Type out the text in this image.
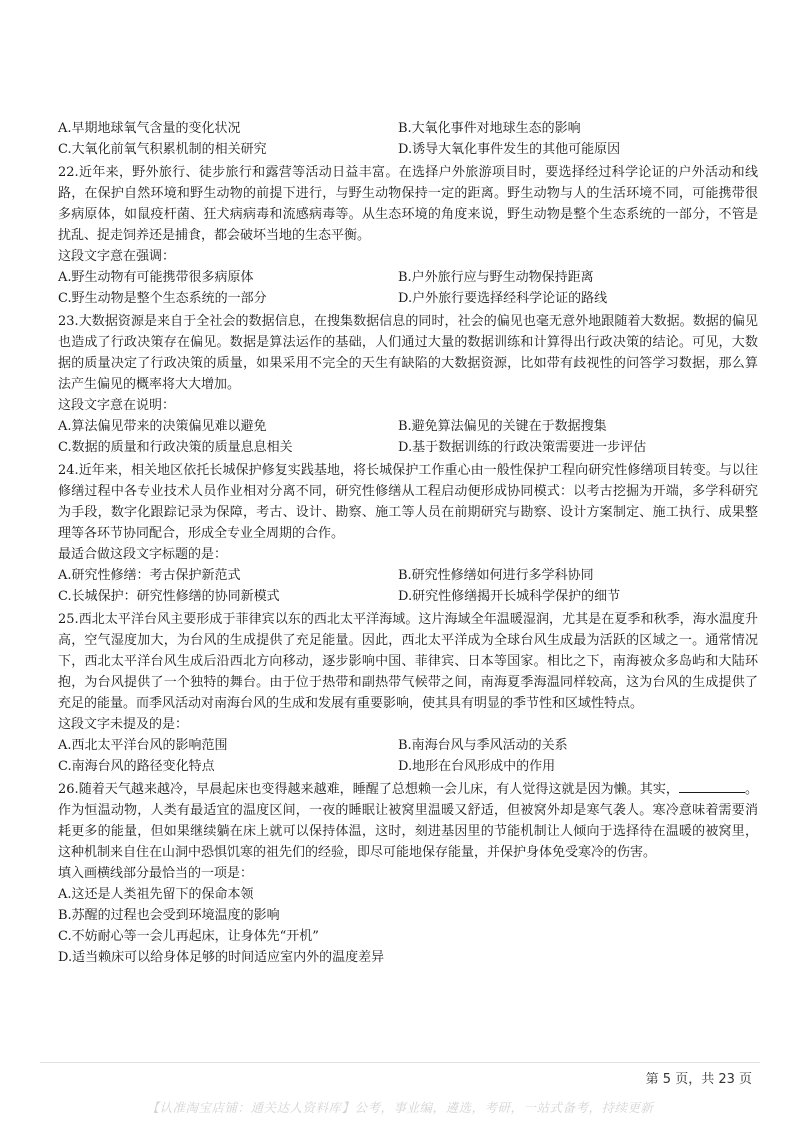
A.早期地球氧气含量的变化状况	B.大氧化事件对地球生态的影响
C.大氧化前氧气积累机制的相关研究	D.诱导大氧化事件发生的其他可能原因
22.近年来，野外旅行、徒步旅行和露营等活动日益丰富。在选择户外旅游项目时，要选择经过科学论证的户外活动和线路，在保护自然环境和野生动物的前提下进行，与野生动物保持一定的距离。野生动物与人的生活环境不同，可能携带很多病原体，如鼠疫杆菌、狂犬病病毒和流感病毒等。从生态环境的角度来说，野生动物是整个生态系统的一部分，不管是扰乱、捉走饲养还是捕食，都会破坏当地的生态平衡。
这段文字意在强调：
A.野生动物有可能携带很多病原体	B.户外旅行应与野生动物保持距离
C.野生动物是整个生态系统的一部分	D.户外旅行要选择经科学论证的路线
23.大数据资源是来自于全社会的数据信息，在搜集数据信息的同时，社会的偏见也毫无意外地跟随着大数据。数据的偏见也造成了行政决策存在偏见。数据是算法运作的基础，人们通过大量的数据训练和计算得出行政决策的结论。可见，大数据的质量决定了行政决策的质量，如果采用不完全的天生有缺陷的大数据资源，比如带有歧视性的问答学习数据，那么算法产生偏见的概率将大大增加。
这段文字意在说明：
A.算法偏见带来的决策偏见难以避免	B.避免算法偏见的关键在于数据搜集
C.数据的质量和行政决策的质量息息相关	D.基于数据训练的行政决策需要进一步评估
24.近年来，相关地区依托长城保护修复实践基地，将长城保护工作重心由一般性保护工程向研究性修缮项目转变。与以往修缮过程中各专业技术人员作业相对分离不同，研究性修缮从工程启动便形成协同模式：以考古挖掘为开端，多学科研究为手段，数字化跟踪记录为保障，考古、设计、勘察、施工等人员在前期研究与勘察、设计方案制定、施工执行、成果整理等各环节协同配合，形成全专业全周期的合作。
最适合做这段文字标题的是：
A.研究性修缮：考古保护新范式	B.研究性修缮如何进行多学科协同
C.长城保护：研究性修缮的协同新模式	D.研究性修缮揭开长城科学保护的细节
25.西北太平洋台风主要形成于菲律宾以东的西北太平洋海域。这片海域全年温暖湿润，尤其是在夏季和秋季，海水温度升高，空气湿度加大，为台风的生成提供了充足能量。因此，西北太平洋成为全球台风生成最为活跃的区域之一。通常情况下，西北太平洋台风生成后沿西北方向移动，逐步影响中国、菲律宾、日本等国家。相比之下，南海被众多岛屿和大陆环抱，为台风提供了一个独特的舞台。由于位于热带和副热带气候带之间，南海夏季海温同样较高，这为台风的生成提供了充足的能量。而季风活动对南海台风的生成和发展有重要影响，使其具有明显的季节性和区域性特点。
这段文字未提及的是：
A.西北太平洋台风的影响范围	B.南海台风与季风活动的关系
C.南海台风的路径变化特点	D.地形在台风形成中的作用
26.随着天气越来越冷，早晨起床也变得越来越难，睡醒了总想赖一会儿床，有人觉得这就是因为懒。其实，	。作为恒温动物，人类有最适宜的温度区间，一夜的睡眠让被窝里温暖又舒适，但被窝外却是寒气袭人。寒冷意味着需要消耗更多的能量，但如果继续躺在床上就可以保持体温，这时，刻进基因里的节能机制让人倾向于选择待在温暖的被窝里，这种机制来自住在山洞中恐惧饥寒的祖先们的经验，即尽可能地保存能量，并保护身体免受寒冷的伤害。
填入画横线部分最恰当的一项是：
A.这还是人类祖先留下的保命本领
B.苏醒的过程也会受到环境温度的影响
C.不妨耐心等一会儿再起床，让身体先“开机”
D.适当赖床可以给身体足够的时间适应室内外的温度差异
第 5 页，共 23 页
【认准淘宝店铺：通关达人资料库】公考，事业编，遴选，考研，一站式备考，持续更新
